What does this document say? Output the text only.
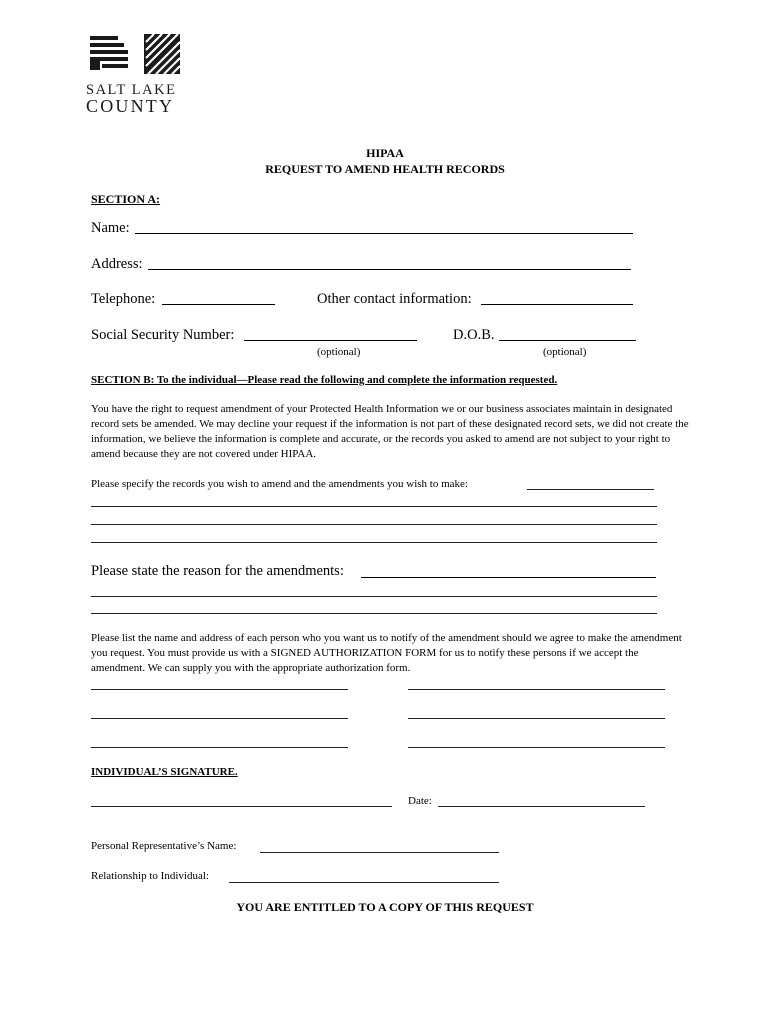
SALT LAKE
COUNTY
HIPAA
REQUEST TO AMEND HEALTH RECORDS
SECTION A:
Name:
Address:
Telephone:	Other contact information:
Social Security Number:	D.O.B.
(optional)	(optional)
SECTION B: To the individual—Please read the following and complete the information requested.
You have the right to request amendment of your Protected Health Information we or our business associates maintain in designated record sets be amended. We may decline your request if the information is not part of these designated record sets, we did not create the information, we believe the information is complete and accurate, or the records you asked to amend are not subject to your right to amend because they are not covered under HIPAA.
Please specify the records you wish to amend and the amendments you wish to make:
Please state the reason for the amendments:
Please list the name and address of each person who you want us to notify of the amendment should we agree to make the amendment you request. You must provide us with a SIGNED AUTHORIZATION FORM for us to notify these persons if we accept the amendment. We can supply you with the appropriate authorization form.
INDIVIDUAL’S SIGNATURE.
Date:
Personal Representative’s Name:
Relationship to Individual:
YOU ARE ENTITLED TO A COPY OF THIS REQUEST
